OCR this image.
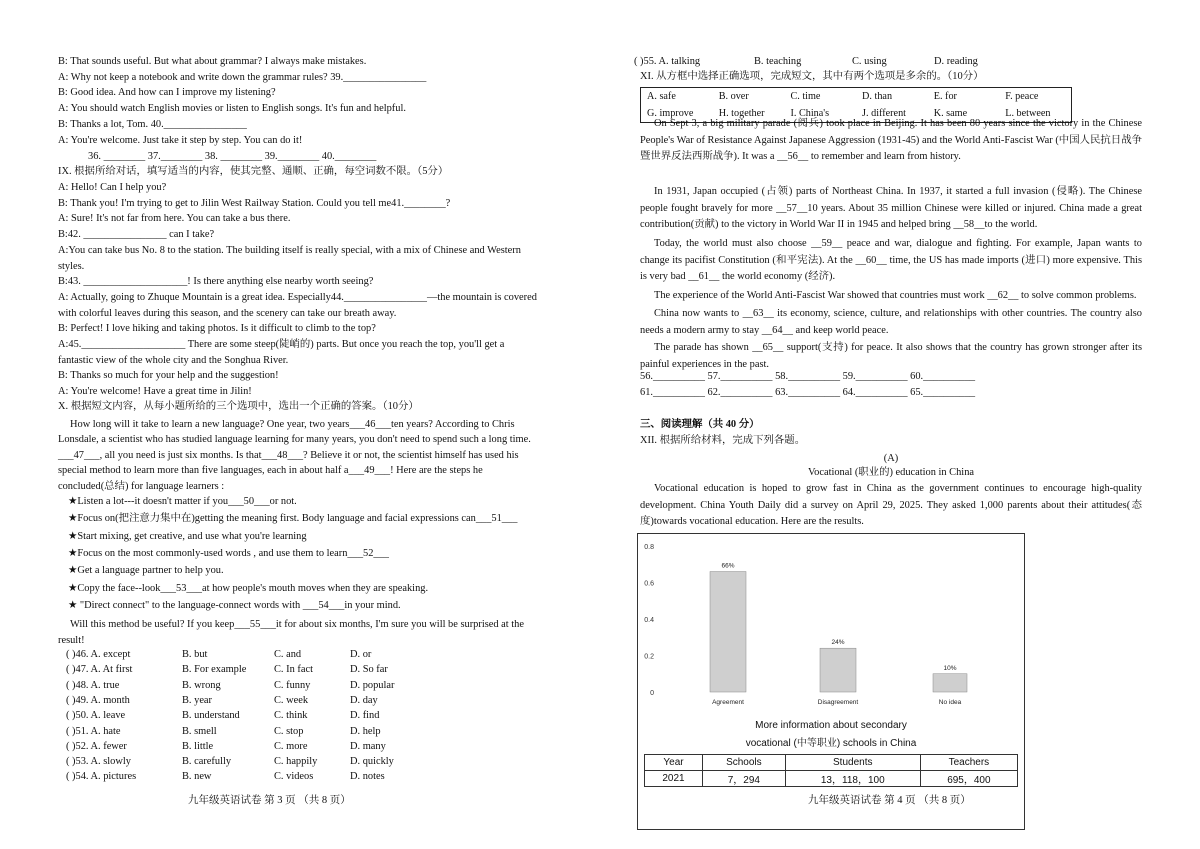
B: That sounds useful. But what about grammar? I always make mistakes.
A: Why not keep a notebook and write down the grammar rules? 39.________________
B: Good idea. And how can I improve my listening?
A: You should watch English movies or listen to English songs. It's fun and helpful.
B: Thanks a lot, Tom. 40.________________
A: You're welcome. Just take it step by step. You can do it!
36. ________ 37.________ 38. ________ 39.________ 40.________
IX. 根据所给对话，填写适当的内容，使其完整、通顺、正确，每空词数不限。（5分）
A: Hello! Can I help you?
B: Thank you! I'm trying to get to Jilin West Railway Station. Could you tell me41.________?
A: Sure! It's not far from here. You can take a bus there.
B:42. ________________ can I take?
A:You can take bus No. 8 to the station. The building itself is really special, with a mix of Chinese and Western
styles.
B:43. ____________________! Is there anything else nearby worth seeing?
A: Actually, going to Zhuque Mountain is a great idea. Especially44.________________—the mountain is covered
with colorful leaves during this season, and the scenery can take our breath away.
B: Perfect! I love hiking and taking photos. Is it difficult to climb to the top?
A:45.____________________ There are some steep(陡峭的) parts. But once you reach the top, you'll get a
fantastic view of the whole city and the Songhua River.
B: Thanks so much for your help and the suggestion!
A: You're welcome! Have a great time in Jilin!
X. 根据短文内容，从每小题所给的三个选项中，选出一个正确的答案。（10分）
How long will it take to learn a new language? One year, two years___46___ten years? According to Chris
Lonsdale, a scientist who has studied language learning for many years, you don't need to spend such a long time.
___47___, all you need is just six months. Is that___48___? Believe it or not, the scientist himself has used his
special method to learn more than five languages, each in about half a___49___! Here are the steps he
concluded(总结) for language learners :
★Listen a lot---it doesn't matter if you___50___or not.
★Focus on(把注意力集中在)getting the meaning first. Body language and facial expressions can___51___
★Start mixing, get creative, and use what you're learning
★Focus on the most commonly-used words , and use them to learn___52___
★Get a language partner to help you.
★Copy the face--look___53___at how people's mouth moves when they are speaking.
★ "Direct connect" to the language-connect words with ___54___in your mind.
Will this method be useful? If you keep___55___it for about six months, I'm sure you will be surprised at the
result!
( )46. A. except	B. but	C. and	D. or
( )47. A. At first	B. For example	C. In fact	D. So far
( )48. A. true	B. wrong	C. funny	D. popular
( )49. A. month	B. year	C. week	D. day
( )50. A. leave	B. understand	C. think	D. find
( )51. A. hate	B. smell	C. stop	D. help
( )52. A. fewer	B. little	C. more	D. many
( )53. A. slowly	B. carefully	C. happily	D. quickly
( )54. A. pictures	B. new	C. videos	D. notes
九年级英语试卷 第 3 页 （共 8 页）
( )55. A. talking	B. teaching	C. using	D. reading
XI. 从方框中选择正确选项，完成短文，其中有两个选项是多余的。（10分）
A. safe	B. over	C. time	D. than	E. for	F. peace
G. improve	H. together	I. China's	J. different	K. same	L. between
On Sept 3, a big military parade (阅兵) took place in Beijing. It has been 80 years since the victory in the Chinese People's War of Resistance Against Japanese Aggression (1931-45) and the World Anti-Fascist War (中国人民抗日战争暨世界反法西斯战争). It was a __56__ to remember and learn from history.
In 1931, Japan occupied (占领) parts of Northeast China. In 1937, it started a full invasion (侵略). The Chinese people fought bravely for more __57__10 years. About 35 million Chinese were killed or injured. China made a great contribution(贡献) to the victory in World War II in 1945 and helped bring __58__to the world.
Today, the world must also choose __59__ peace and war, dialogue and fighting. For example, Japan wants to change its pacifist Constitution (和平宪法). At the __60__ time, the US has made imports (进口) more expensive. This is very bad __61__ the world economy (经济).
The experience of the World Anti-Fascist War showed that countries must work __62__ to solve common problems.
China now wants to __63__ its economy, science, culture, and relationships with other countries. The country also needs a modern army to stay __64__ and keep world peace.
The parade has shown __65__ support(支持) for peace. It also shows that the country has grown stronger after its painful experiences in the past.
56.__________ 57.__________ 58.__________ 59.__________ 60.__________
61.__________ 62.__________ 63.__________ 64.__________ 65.__________
三、阅读理解（共 40 分）
XII. 根据所给材料，完成下列各题。
(A)
Vocational (职业的) education in China
Vocational education is hoped to grow fast in China as the government continues to encourage high-quality development. China Youth Daily did a survey on April 29, 2025. They asked 1,000 parents about their attitudes(态度)towards vocational education. Here are the results.
0
0.2
0.4
0.6
0.8
66%
Agreement
24%
Disagreement
10%
No idea
More information about secondary
vocational (中等职业) schools in China
Year	Schools	Students	Teachers
2021	7，294	13，118，100	695，400
九年级英语试卷 第 4 页 （共 8 页）
